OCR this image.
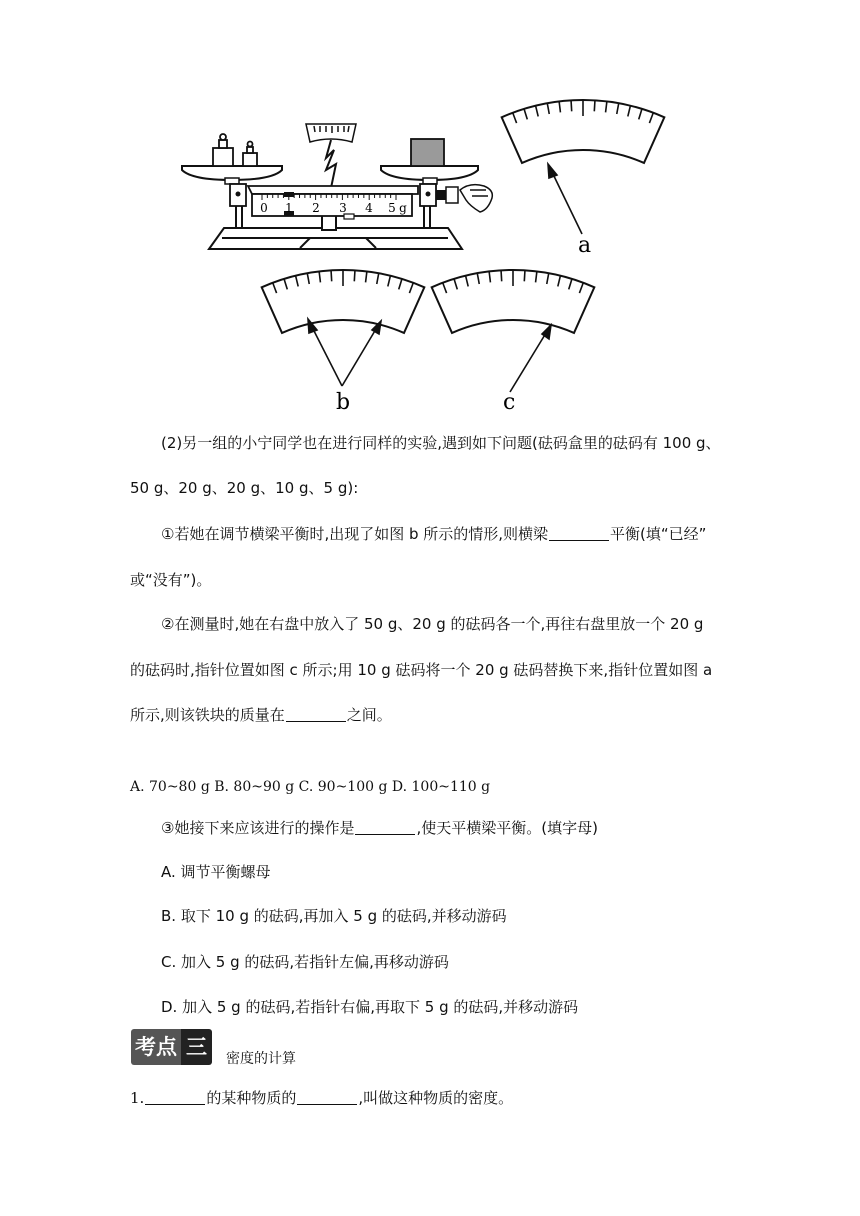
0 1 2 3 4 5 g
a
b	c
(2)另一组的小宁同学也在进行同样的实验,遇到如下问题(砝码盒里的砝码有 100 g、
50 g、20 g、20 g、10 g、5 g):
①若她在调节横梁平衡时,出现了如图 b 所示的情形,则横梁	平衡(填“已经”
或“没有”)。
②在测量时,她在右盘中放入了 50 g、20 g 的砝码各一个,再往右盘里放一个 20 g
的砝码时,指针位置如图 c 所示;用 10 g 砝码将一个 20 g 砝码替换下来,指针位置如图 a
所示,则该铁块的质量在	之间。
A. 70~80 g B. 80~90 g C. 90~100 g D. 100~110 g
③她接下来应该进行的操作是	,使天平横梁平衡。(填字母)
A. 调节平衡螺母
B. 取下 10 g 的砝码,再加入 5 g 的砝码,并移动游码
C. 加入 5 g 的砝码,若指针左偏,再移动游码
D. 加入 5 g 的砝码,若指针右偏,再取下 5 g 的砝码,并移动游码
考点 三	密度的计算
1.	的某种物质的	,叫做这种物质的密度。
